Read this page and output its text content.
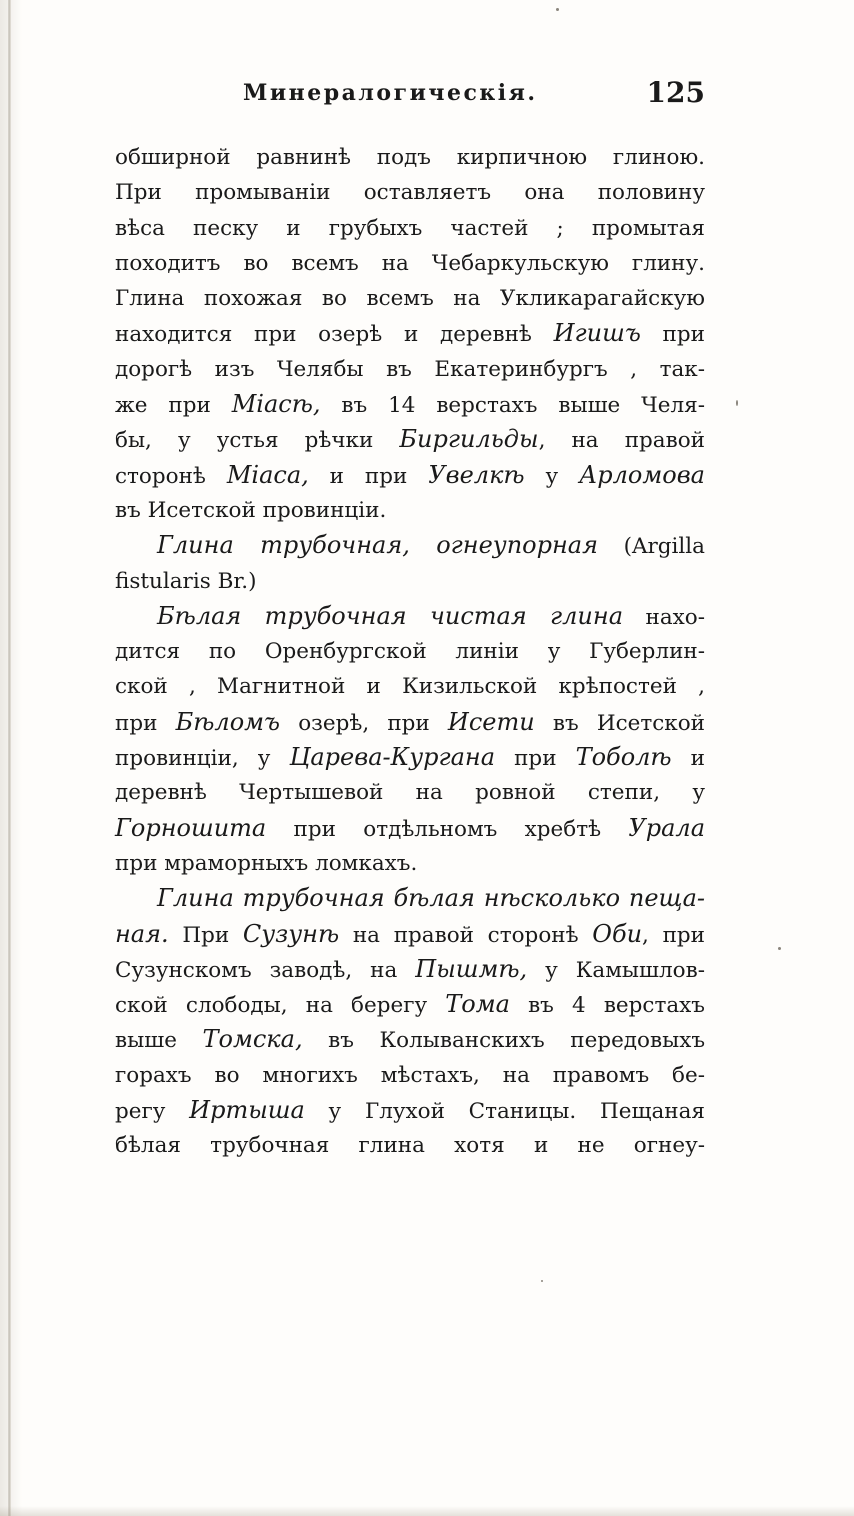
Минералогическія.	125
обширной равнинѣ подъ кирпичною глиною.
При промываніи оставляетъ она половину
вѣса песку и грубыхъ частей ; промытая
походитъ во всемъ на Чебаркульскую глину.
Глина похожая во всемъ на Укликарагайскую
находится при озерѣ и деревнѣ Игишъ при
дорогѣ изъ Челябы въ Екатеринбургъ , так-
же при Міасѣ, въ 14 верстахъ выше Челя-
бы, у устья рѣчки Биргильды, на правой
сторонѣ Міаса, и при Увелкѣ у Арломова
въ Исетской провинціи.
Глина трубочная, огнеупорная (Argilla
fistularis Br.)
Бѣлая трубочная чистая глина нахо-
дится по Оренбургской линіи у Губерлин-
ской , Магнитной и Кизильской крѣпостей ,
при Бѣломъ озерѣ, при Исети въ Исетской
провинціи, у Царева-Кургана при Тоболѣ и
деревнѣ Чертышевой на ровной степи, у
Горношита при отдѣльномъ хребтѣ Урала
при мраморныхъ ломкахъ.
Глина трубочная бѣлая нѣсколько пеща-
ная. При Сузунѣ на правой сторонѣ Оби, при
Сузунскомъ заводѣ, на Пышмѣ, у Камышлов-
ской слободы, на берегу Тома въ 4 верстахъ
выше Томска, въ Колыванскихъ передовыхъ
горахъ во многихъ мѣстахъ, на правомъ бе-
регу Иртыша у Глухой Станицы. Пещаная
бѣлая трубочная глина хотя и не огнеу-
